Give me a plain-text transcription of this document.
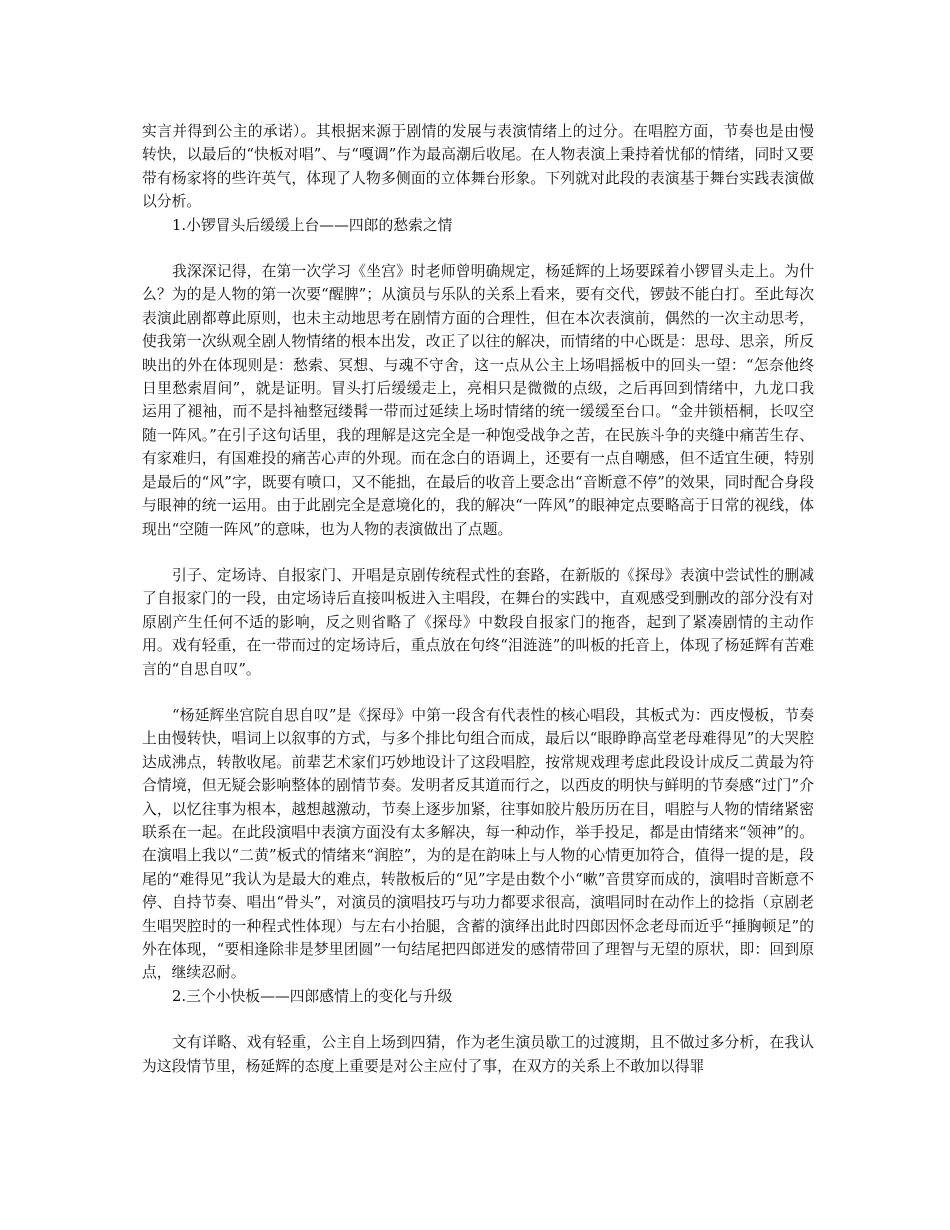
实言并得到公主的承诺）。其根据来源于剧情的发展与表演情绪上的过分。在唱腔方面，节奏也是由慢转快，以最后的“快板对唱”、与“嘎调”作为最高潮后收尾。在人物表演上秉持着忧郁的情绪，同时又要带有杨家将的些许英气，体现了人物多侧面的立体舞台形象。下列就对此段的表演基于舞台实践表演做以分析。

1.小锣冒头后缓缓上台——四郎的愁索之情

我深深记得，在第一次学习《坐宫》时老师曾明确规定，杨延辉的上场要踩着小锣冒头走上。为什么？为的是人物的第一次要“醒脾”；从演员与乐队的关系上看来，要有交代，锣鼓不能白打。至此每次表演此剧都尊此原则，也未主动地思考在剧情方面的合理性，但在本次表演前，偶然的一次主动思考，使我第一次纵观全剧人物情绪的根本出发，改正了以往的解决，而情绪的中心既是：思母、思亲，所反映出的外在体现则是：愁索、冥想、与魂不守舍，这一点从公主上场唱摇板中的回头一望：“怎奈他终日里愁索眉间”，就是证明。冒头打后缓缓走上，亮相只是微微的点级，之后再回到情绪中，九龙口我运用了褪袖，而不是抖袖整冠缕髯一带而过延续上场时情绪的统一缓缓至台口。“金井锁梧桐，长叹空随一阵风。”在引子这句话里，我的理解是这完全是一种饱受战争之苦，在民族斗争的夹缝中痛苦生存、有家难归，有国难投的痛苦心声的外现。而在念白的语调上，还要有一点自嘲感，但不适宜生硬，特别是最后的“风”字，既要有喷口，又不能拙，在最后的收音上要念出“音断意不停”的效果，同时配合身段与眼神的统一运用。由于此剧完全是意境化的，我的解决“一阵风”的眼神定点要略高于日常的视线，体现出“空随一阵风”的意味，也为人物的表演做出了点题。

引子、定场诗、自报家门、开唱是京剧传统程式性的套路，在新版的《探母》表演中尝试性的删减了自报家门的一段，由定场诗后直接叫板进入主唱段，在舞台的实践中，直观感受到删改的部分没有对原剧产生任何不适的影响，反之则省略了《探母》中数段自报家门的拖沓，起到了紧凑剧情的主动作用。戏有轻重，在一带而过的定场诗后，重点放在句终“泪涟涟”的叫板的托音上，体现了杨延辉有苦难言的“自思自叹”。

“杨延辉坐宫院自思自叹”是《探母》中第一段含有代表性的核心唱段，其板式为：西皮慢板，节奏上由慢转快，唱词上以叙事的方式，与多个排比句组合而成，最后以“眼睁睁高堂老母难得见”的大哭腔达成沸点，转散收尾。前辈艺术家们巧妙地设计了这段唱腔，按常规戏理考虑此段设计成反二黄最为符合情境，但无疑会影响整体的剧情节奏。发明者反其道而行之，以西皮的明快与鲜明的节奏感“过门”介入，以忆往事为根本，越想越激动，节奏上逐步加紧，往事如胶片般历历在目，唱腔与人物的情绪紧密联系在一起。在此段演唱中表演方面没有太多解决，每一种动作，举手投足，都是由情绪来“领神”的。在演唱上我以“二黄”板式的情绪来“润腔”，为的是在韵味上与人物的心情更加符合，值得一提的是，段尾的“难得见”我认为是最大的难点，转散板后的“见”字是由数个小“嗽”音贯穿而成的，演唱时音断意不停、自持节奏、唱出“骨头”，对演员的演唱技巧与功力都要求很高，演唱同时在动作上的捻指（京剧老生唱哭腔时的一种程式性体现）与左右小抬腿，含蓄的演绎出此时四郎因怀念老母而近乎“捶胸顿足”的外在体现，“要相逢除非是梦里团圆”一句结尾把四郎迸发的感情带回了理智与无望的原状，即：回到原点，继续忍耐。

2.三个小快板——四郎感情上的变化与升级

文有详略、戏有轻重，公主自上场到四猜，作为老生演员歇工的过渡期，且不做过多分析，在我认为这段情节里，杨延辉的态度上重要是对公主应付了事，在双方的关系上不敢加以得罪
